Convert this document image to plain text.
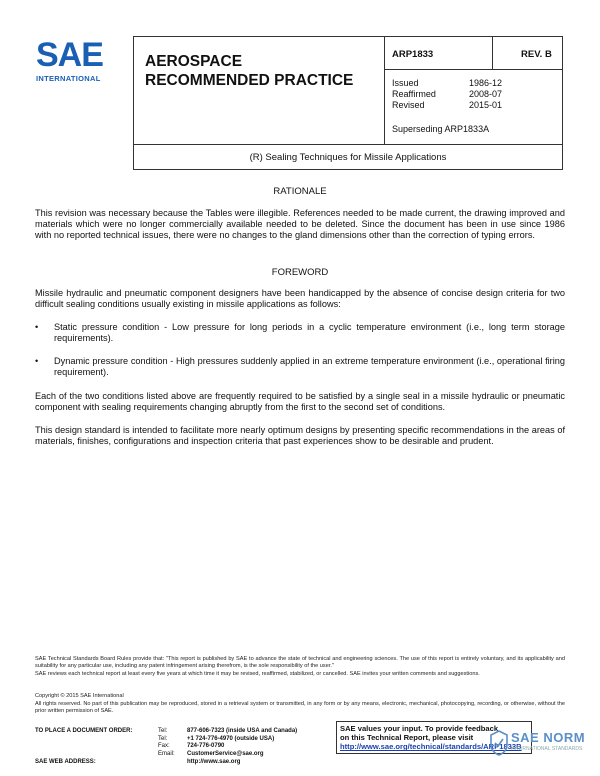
SAE
INTERNATIONAL
AEROSPACE
RECOMMENDED PRACTICE
ARP1833	REV. B
Issued	1986-12
Reaffirmed	2008-07
Revised	2015-01
Superseding ARP1833A
(R) Sealing Techniques for Missile Applications
RATIONALE
This revision was necessary because the Tables were illegible. References needed to be made current, the drawing improved and materials which were no longer commercially available needed to be deleted. Since the document has been in use since 1986 with no reported technical issues, there were no changes to the gland dimensions other than the correction of typing errors.
FOREWORD
Missile hydraulic and pneumatic component designers have been handicapped by the absence of concise design criteria for two difficult sealing conditions usually existing in missile applications as follows:
• Static pressure condition - Low pressure for long periods in a cyclic temperature environment (i.e., long term storage requirements).
• Dynamic pressure condition - High pressures suddenly applied in an extreme temperature environment (i.e., operational firing requirement).
Each of the two conditions listed above are frequently required to be satisfied by a single seal in a missile hydraulic or pneumatic component with sealing requirements changing abruptly from the first to the second set of conditions.
This design standard is intended to facilitate more nearly optimum designs by presenting specific recommendations in the areas of materials, finishes, configurations and inspection criteria that past experiences show to be desirable and prudent.
SAE Technical Standards Board Rules provide that: "This report is published by SAE to advance the state of technical and engineering sciences. The use of this report is entirely voluntary, and its applicability and suitability for any particular use, including any patent infringement arising therefrom, is the sole responsibility of the user."
SAE reviews each technical report at least every five years at which time it may be revised, reaffirmed, stabilized, or cancelled. SAE invites your written comments and suggestions.
Copyright © 2015 SAE International
All rights reserved. No part of this publication may be reproduced, stored in a retrieval system or transmitted, in any form or by any means, electronic, mechanical, photocopying, recording, or otherwise, without the prior written permission of SAE.
TO PLACE A DOCUMENT ORDER:	Tel:	877-606-7323 (inside USA and Canada)
Tel:	+1 724-776-4970 (outside USA)
Fax:	724-776-0790
Email: CustomerService@sae.org
SAE WEB ADDRESS:	http://www.sae.org
SAE values your input. To provide feedback
on this Technical Report, please visit
http://www.sae.org/technical/standards/ARP1833B
SAE NORM
INTERNATIONAL STANDARDS
